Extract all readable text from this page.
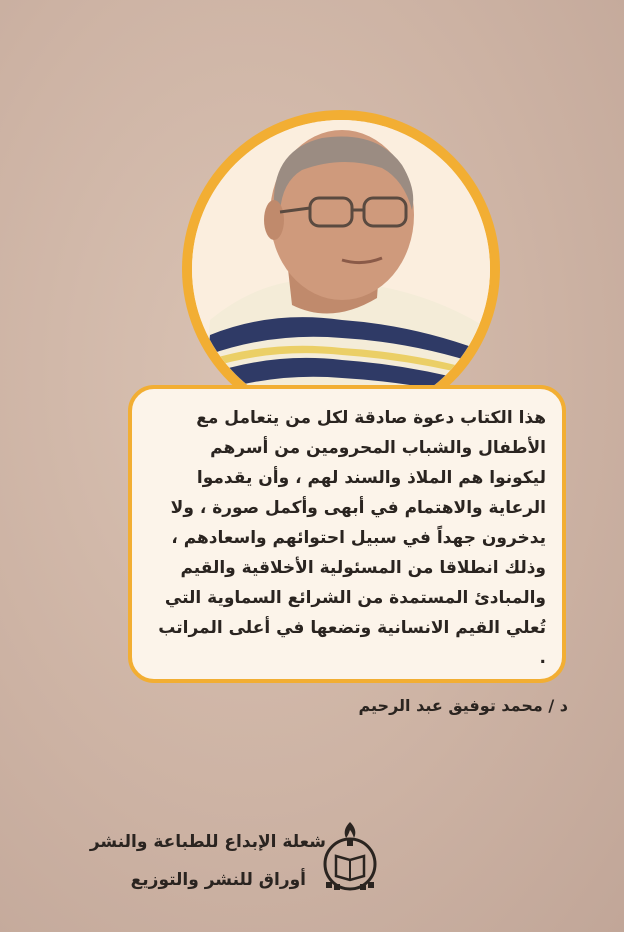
هذا الكتاب دعوة صادقة لكل من يتعامل مع الأطفال والشباب المحرومين من أسرهم ليكونوا هم الملاذ والسند لهم ، وأن يقدموا الرعاية والاهتمام في أبهى وأكمل صورة ، ولا يدخرون جهداً في سبيل احتوائهم واسعادهم ، وذلك انطلاقا من المسئولية الأخلاقية والقيم والمبادئ المستمدة من الشرائع السماوية التي تُعلي القيم الانسانية وتضعها في أعلى المراتب .

د / محمد توفيق عبد الرحيم

شعلة الإبداع للطباعة والنشر

أوراق للنشر والتوزيع
